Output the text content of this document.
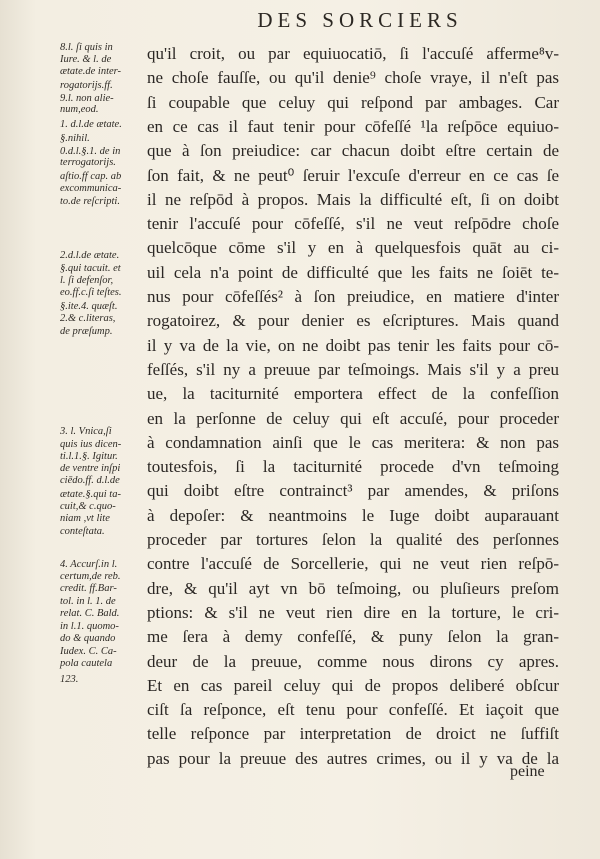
DES SORCIERS
8.l. ſi quis in
Iure. & l. de
ætate.de inter-
rogatorijs.ff.
9.l. non alie-
num,eod.
1. d.l.de ætate.
§.nihil.
0.d.l.§.1. de in
terrogatorijs.
aſtio.ff cap. ab
excommunica-
to.de reſcripti.
2.d.l.de ætate.
§.qui tacuit. et
l. ſi defenſor,
eo.ff.c.ſi teſtes.
§.ite.4. quæſt.
2.& c.literas,
de præſump.
3. l. Vnica,ſi
quis ius dicen-
ti.l.1.§. Igitur.
de ventre inſpi
ciēdo.ff. d.l.de
ætate.§.qui ta-
cuit,& c.quo-
niam ,vt lite
conteſtata.
4. Accurſ.in l.
certum,de reb.
credit. ff.Bar-
tol. in l. 1. de
relat. C. Bald.
in l.1. quomo-
do & quando
Iudex. C. Ca-
pola cautela
123.
qu'il croit, ou par equiuocatiō, ſi l'accuſé afferme⁸v-
ne choſe fauſſe, ou qu'il denie⁹ choſe vraye, il n'eſt pas
ſi coupable que celuy qui reſpond par ambages. Car
en ce cas il faut tenir pour cōfeſſé ¹la reſpōce equiuo-
que à ſon preiudice: car chacun doibt eſtre certain de
ſon fait, & ne peut⁰ ſeruir l'excuſe d'erreur en ce cas ſe
il ne reſpōd à propos. Mais la difficulté eſt, ſi on doibt
tenir l'accuſé pour cōfeſſé, s'il ne veut reſpōdre choſe
quelcōque cōme s'il y en à quelquesfois quāt au ci-
uil cela n'a point de difficulté que les faits ne ſoiēt te-
nus pour cōfeſſés² à ſon preiudice, en matiere d'inter
rogatoirez, & pour denier es eſcriptures. Mais quand
il y va de la vie, on ne doibt pas tenir les faits pour cō-
feſſés, s'il ny a preuue par teſmoings. Mais s'il y a preu
ue, la taciturnité emportera effect de la confeſſion
en la perſonne de celuy qui eſt accuſé, pour proceder
à condamnation ainſi que le cas meritera: & non pas
toutesfois, ſi la taciturnité procede d'vn teſmoing
qui doibt eſtre contrainct³ par amendes, & priſons
à depoſer: & neantmoins le Iuge doibt auparauant
proceder par tortures ſelon la qualité des perſonnes
contre l'accuſé de Sorcellerie, qui ne veut rien reſpō-
dre, & qu'il ayt vn bō teſmoing, ou pluſieurs preſom
ptions: & s'il ne veut rien dire en la torture, le cri-
me ſera à demy confeſſé, & puny ſelon la gran-
deur de la preuue, comme nous dirons cy apres.
Et en cas pareil celuy qui de propos deliberé obſcur
ciſt ſa reſponce, eſt tenu pour confeſſé. Et iaçoit que
telle reſponce par interpretation de droict ne ſuffiſt
pas pour la preuue des autres crimes, ou il y va de la
peine
